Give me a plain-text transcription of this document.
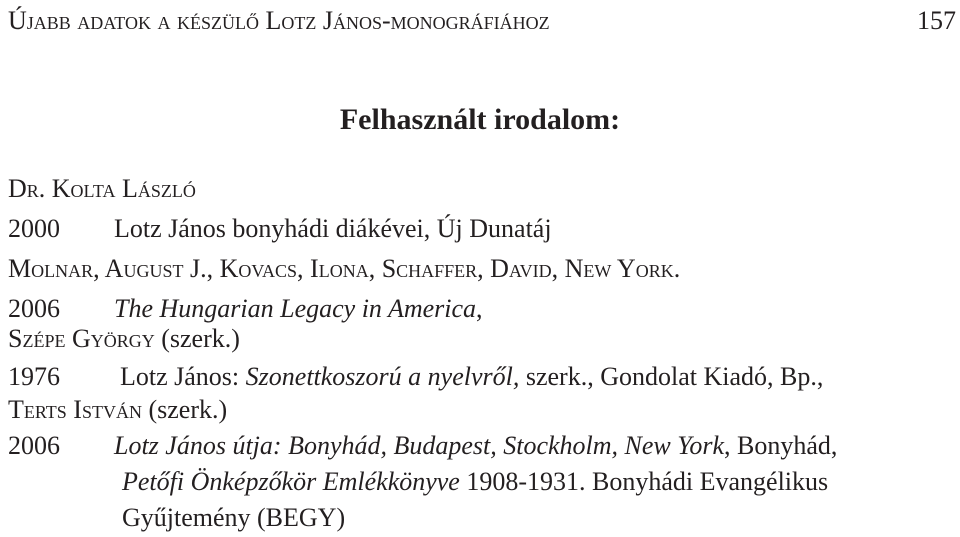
Újabb adatok a készülő Lotz János-monográfiához	157
Felhasznált irodalom:
Dr. Kolta László
2000 Lotz János bonyhádi diákévei, Új Dunatáj
Molnar, August J., Kovacs, Ilona, Schaffer, David, New York.
2006 The Hungarian Legacy in America,
Szépe György (szerk.)
1976 Lotz János: Szonettkoszorú a nyelvről, szerk., Gondolat Kiadó, Bp.,
Terts István (szerk.)
2006 Lotz János útja: Bonyhád, Budapest, Stockholm, New York, Bonyhád,
Petőfi Önképzőkör Emlékkönyve 1908-1931. Bonyhádi Evangélikus
Gyűjtemény (BEGY)
